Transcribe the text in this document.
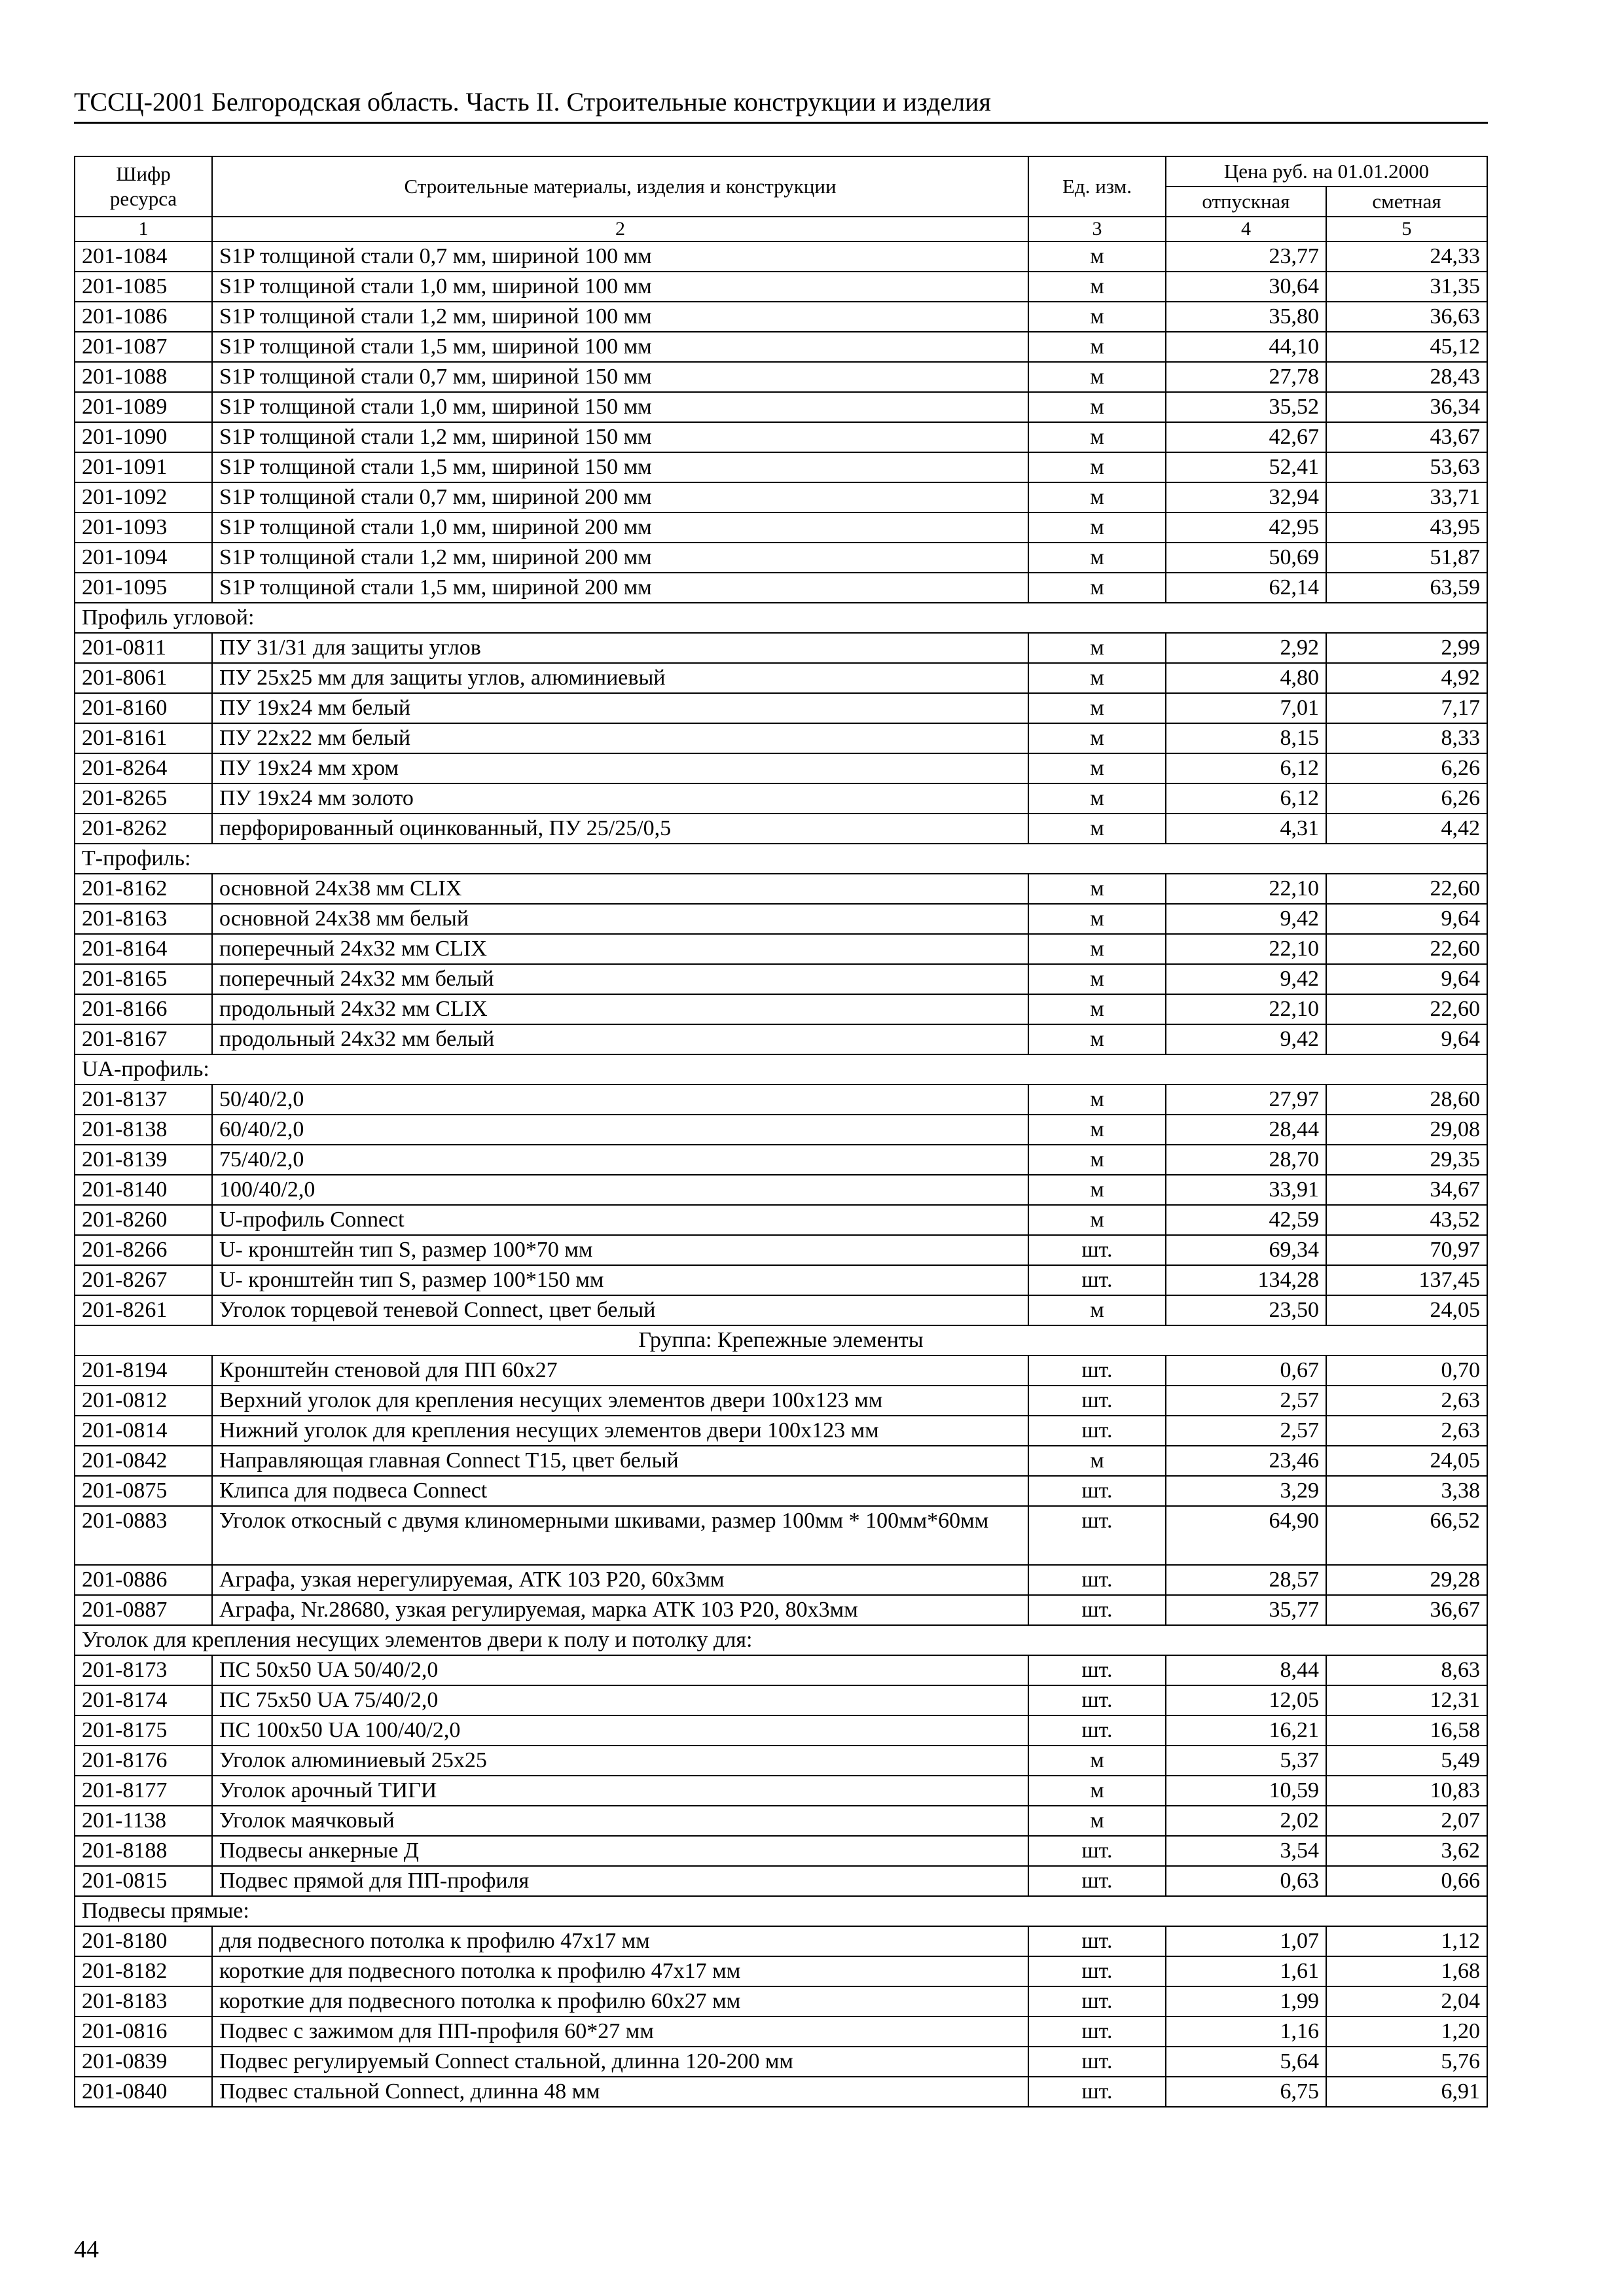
ТССЦ-2001 Белгородская область. Часть II. Строительные конструкции и изделия
Шифр ресурса	Строительные материалы, изделия и конструкции	Ед. изм.	Цена руб. на 01.01.2000	
			отпускная	сметная
1	2	3	4	5
201-1084	S1P толщиной стали 0,7 мм, шириной 100 мм	м	23,77	24,33
201-1085	S1P толщиной стали 1,0 мм, шириной 100 мм	м	30,64	31,35
201-1086	S1P толщиной стали 1,2 мм, шириной 100 мм	м	35,80	36,63
201-1087	S1P толщиной стали 1,5 мм, шириной 100 мм	м	44,10	45,12
201-1088	S1P толщиной стали 0,7 мм, шириной 150 мм	м	27,78	28,43
201-1089	S1P толщиной стали 1,0 мм, шириной 150 мм	м	35,52	36,34
201-1090	S1P толщиной стали 1,2 мм, шириной 150 мм	м	42,67	43,67
201-1091	S1P толщиной стали 1,5 мм, шириной 150 мм	м	52,41	53,63
201-1092	S1P толщиной стали 0,7 мм, шириной 200 мм	м	32,94	33,71
201-1093	S1P толщиной стали 1,0 мм, шириной 200 мм	м	42,95	43,95
201-1094	S1P толщиной стали 1,2 мм, шириной 200 мм	м	50,69	51,87
201-1095	S1P толщиной стали 1,5 мм, шириной 200 мм	м	62,14	63,59
Профиль угловой:				
201-0811	ПУ 31/31 для защиты углов	м	2,92	2,99
201-8061	ПУ 25х25 мм для защиты углов, алюминиевый	м	4,80	4,92
201-8160	ПУ 19х24 мм белый	м	7,01	7,17
201-8161	ПУ 22х22 мм белый	м	8,15	8,33
201-8264	ПУ 19х24 мм хром	м	6,12	6,26
201-8265	ПУ 19х24 мм золото	м	6,12	6,26
201-8262	перфорированный оцинкованный, ПУ 25/25/0,5	м	4,31	4,42
Т-профиль:				
201-8162	основной 24х38 мм CLIX	м	22,10	22,60
201-8163	основной 24х38 мм белый	м	9,42	9,64
201-8164	поперечный 24х32 мм CLIX	м	22,10	22,60
201-8165	поперечный 24х32 мм белый	м	9,42	9,64
201-8166	продольный 24х32 мм CLIX	м	22,10	22,60
201-8167	продольный 24х32 мм белый	м	9,42	9,64
UA-профиль:				
201-8137	50/40/2,0	м	27,97	28,60
201-8138	60/40/2,0	м	28,44	29,08
201-8139	75/40/2,0	м	28,70	29,35
201-8140	100/40/2,0	м	33,91	34,67
201-8260	U-профиль Connect	м	42,59	43,52
201-8266	U- кронштейн тип S, размер 100*70 мм	шт.	69,34	70,97
201-8267	U- кронштейн тип S, размер 100*150 мм	шт.	134,28	137,45
201-8261	Уголок торцевой теневой Connect, цвет белый	м	23,50	24,05
Группа: Крепежные элементы				
201-8194	Кронштейн стеновой для ПП 60х27	шт.	0,67	0,70
201-0812	Верхний уголок для крепления несущих элементов двери 100х123 мм	шт.	2,57	2,63
201-0814	Нижний уголок для крепления несущих элементов двери 100х123 мм	шт.	2,57	2,63
201-0842	Направляющая главная Connect T15, цвет белый	м	23,46	24,05
201-0875	Клипса для подвеса Connect	шт.	3,29	3,38
201-0883	Уголок откосный с двумя клиномерными шкивами, размер 100мм * 100мм*60мм	шт.	64,90	66,52
201-0886	Аграфа, узкая нерегулируемая, АТК 103 Р20, 60х3мм	шт.	28,57	29,28
201-0887	Аграфа, Nr.28680, узкая регулируемая, марка АТК 103 Р20, 80х3мм	шт.	35,77	36,67
Уголок для крепления несущих элементов двери к полу и потолку для:				
201-8173	ПС 50х50 UA 50/40/2,0	шт.	8,44	8,63
201-8174	ПС 75х50 UA 75/40/2,0	шт.	12,05	12,31
201-8175	ПС 100х50 UA 100/40/2,0	шт.	16,21	16,58
201-8176	Уголок алюминиевый 25х25	м	5,37	5,49
201-8177	Уголок арочный ТИГИ	м	10,59	10,83
201-1138	Уголок маячковый	м	2,02	2,07
201-8188	Подвесы анкерные Д	шт.	3,54	3,62
201-0815	Подвес прямой для ПП-профиля	шт.	0,63	0,66
Подвесы прямые:				
201-8180	для подвесного потолка к профилю 47х17 мм	шт.	1,07	1,12
201-8182	короткие для подвесного потолка к профилю 47х17 мм	шт.	1,61	1,68
201-8183	короткие для подвесного потолка к профилю 60х27 мм	шт.	1,99	2,04
201-0816	Подвес с зажимом для ПП-профиля 60*27 мм	шт.	1,16	1,20
201-0839	Подвес регулируемый Connect стальной, длинна 120-200 мм	шт.	5,64	5,76
201-0840	Подвес стальной Connect, длинна 48 мм	шт.	6,75	6,91
44
